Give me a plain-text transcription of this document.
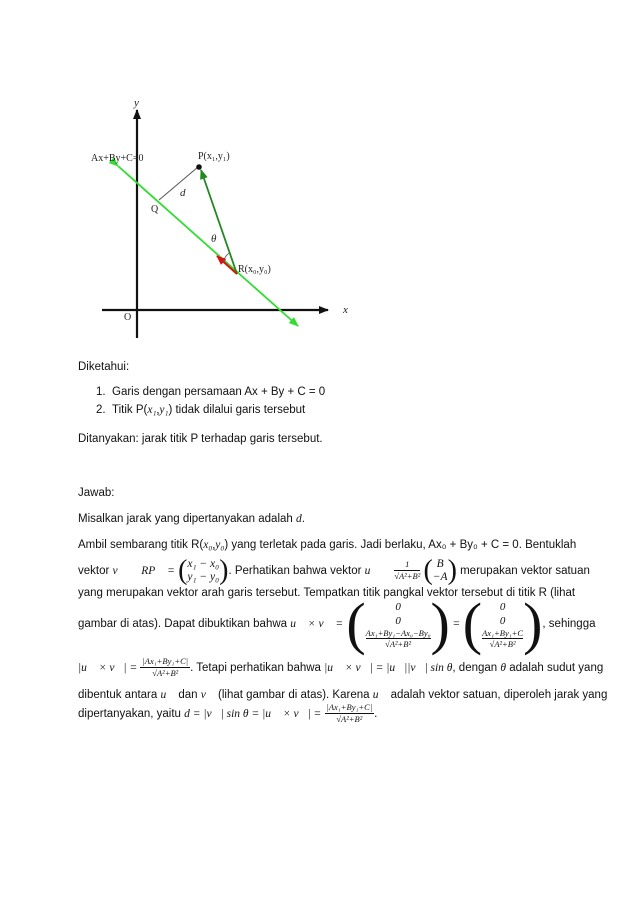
y
x
O
Ax+By+C=0	P(x₁,y₁)
Q
R(x₀,y₀)
d
θ
Diketahui:
1. Garis dengan persamaan Ax + By + C = 0
2. Titik P(x₁,y₁) tidak dilalui garis tersebut
Ditanyakan: jarak titik P terhadap garis tersebut.
Jawab:
Misalkan jarak yang dipertanyakan adalah d.
Ambil sembarang titik R(x₀,y₀) yang terletak pada garis. Jadi berlaku, Ax₀ + By₀ + C = 0. Bentuklah
vektor v⃗ ≝ RP⃗ = ( x₁ − x₀
y₁ − y₀ ). Perhatikan bahwa vektor u⃗ ≝ $\frac{1}{\text{√A²+B²}}$ ( B
−A ) merupakan vektor satuan
yang merupakan vektor arah garis tersebut. Tempatkan titik pangkal vektor tersebut di titik R (lihat
gambar di atas). Dapat dibuktikan bahwa u⃗ × v⃗ = (	0
0
Ax₁+By₁−Ax₀−By₀
√A²+B² ) = (	0
0
Ax₁+By₁+C
√A²+B² ), sehingga
|u⃗ × v⃗| = $\frac{\text{|Ax₁+By₁+C|}}{\text{√A²+B²}}$ . Tetapi perhatikan bahwa |u⃗ × v⃗| = |u⃗||v⃗| sin θ, dengan θ adalah sudut yang
dibentuk antara u⃗ dan v⃗ (lihat gambar di atas). Karena u⃗ adalah vektor satuan, diperoleh jarak yang
dipertanyakan, yaitu d = |v⃗| sin θ = |u⃗ × v⃗| = $\frac{\text{|Ax₁+By₁+C|}}{\text{√A²+B²}}$ .
